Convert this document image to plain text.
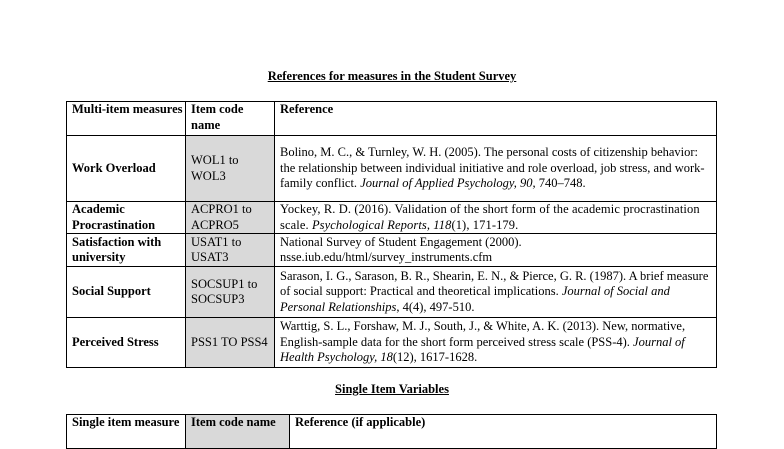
References for measures in the Student Survey
Multi-item measures	Item code name	Reference
Work Overload	WOL1 to WOL3	Bolino, M. C., & Turnley, W. H. (2005). The personal costs of citizenship behavior: the relationship between individual initiative and role overload, job stress, and work-family conflict. Journal of Applied Psychology, 90, 740–748.
Academic Procrastination	ACPRO1 to ACPRO5	Yockey, R. D. (2016). Validation of the short form of the academic procrastination scale. Psychological Reports, 118(1), 171-179.
Satisfaction with university	USAT1 to USAT3	National Survey of Student Engagement (2000). nsse.iub.edu/html/survey_instruments.cfm
Social Support	SOCSUP1 to SOCSUP3	Sarason, I. G., Sarason, B. R., Shearin, E. N., & Pierce, G. R. (1987). A brief measure of social support: Practical and theoretical implications. Journal of Social and Personal Relationships, 4(4), 497-510.
Perceived Stress	PSS1 TO PSS4	Warttig, S. L., Forshaw, M. J., South, J., & White, A. K. (2013). New, normative, English-sample data for the short form perceived stress scale (PSS-4). Journal of Health Psychology, 18(12), 1617-1628.
Single Item Variables
Single item measure	Item code name	Reference (if applicable)
